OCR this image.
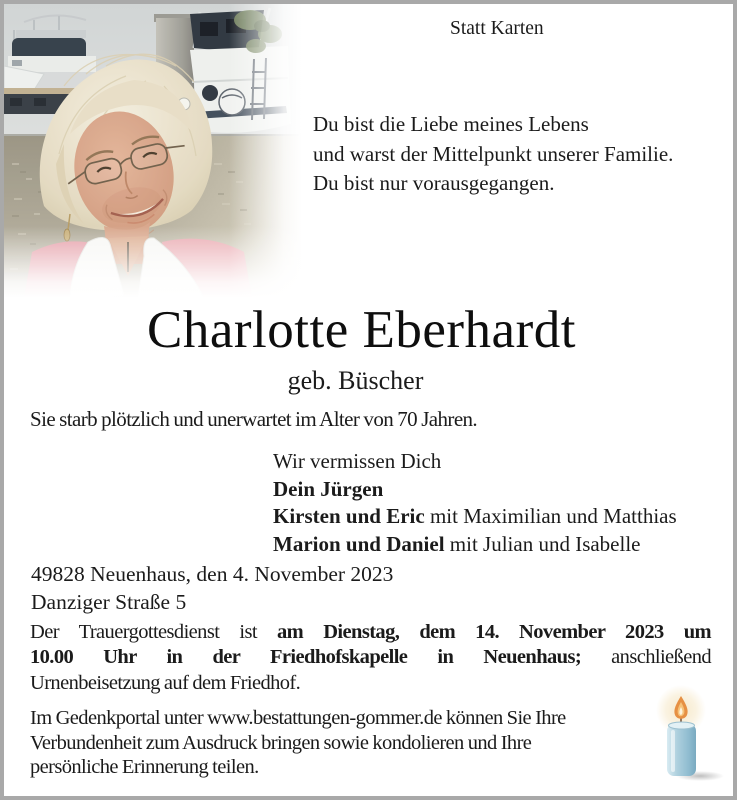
Statt Karten
Du bist die Liebe meines Lebens
und warst der Mittelpunkt unserer Familie.
Du bist nur vorausgegangen.
Charlotte Eberhardt
geb. Büscher
Sie starb plötzlich und unerwartet im Alter von 70 Jahren.
Wir vermissen Dich
Dein Jürgen
Kirsten und Eric mit Maximilian und Matthias
Marion und Daniel mit Julian und Isabelle
49828 Neuenhaus, den 4. November 2023
Danziger Straße 5
Der Trauergottesdienst ist am Dienstag, dem 14. November 2023 um
10.00 Uhr in der Friedhofskapelle in Neuenhaus; anschließend
Urnenbeisetzung auf dem Friedhof.
Im Gedenkportal unter www.bestattungen-gommer.de können Sie Ihre
Verbundenheit zum Ausdruck bringen sowie kondolieren und Ihre
persönliche Erinnerung teilen.
